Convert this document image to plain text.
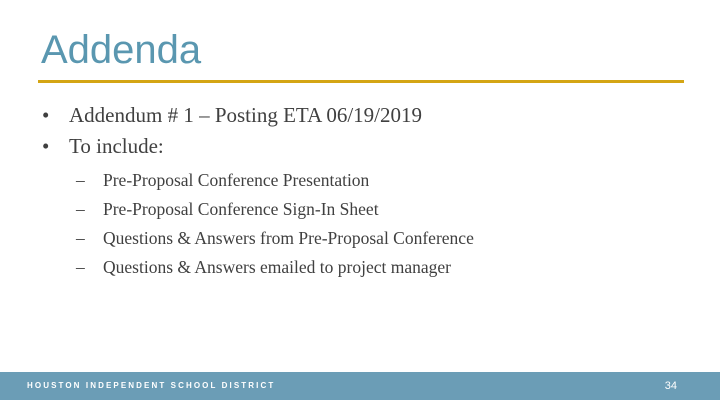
Addenda
• Addendum # 1 – Posting ETA 06/19/2019
• To include:
–	Pre-Proposal Conference Presentation
–	Pre-Proposal Conference Sign-In Sheet
–	Questions & Answers from Pre-Proposal Conference
–	Questions & Answers emailed to project manager
HOUSTON INDEPENDENT SCHOOL DISTRICT	34
